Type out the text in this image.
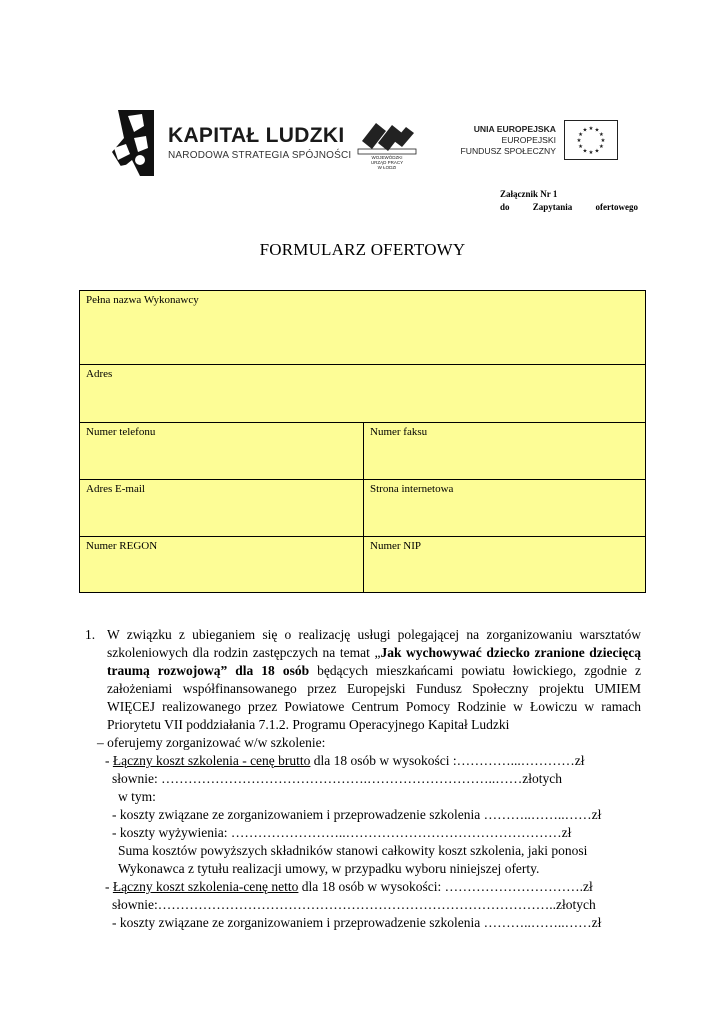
KAPITAŁ LUDZKI
NARODOWA STRATEGIA SPÓJNOŚCI	WOJEWÓDZKI
URZĄD PRACY
W ŁODZI
UNIA EUROPEJSKA
EUROPEJSKI
FUNDUSZ SPOŁECZNY
★
★
★
★
★
★
★
★
★ ★ ★
★
Załącznik Nr 1
do	Zapytania	ofertowego
FORMULARZ OFERTOWY
Pełna nazwa Wykonawcy	
Adres	
Numer telefonu	Numer faksu
Adres E-mail	Strona internetowa
Numer REGON	Numer NIP
1. W związku z ubieganiem się o realizację usługi polegającej na zorganizowaniu warsztatów szkoleniowych dla rodzin zastępczych na temat „Jak wychowywać dziecko zranione dziecięcą traumą rozwojową” dla 18 osób będących mieszkańcami powiatu łowickiego, zgodnie z założeniami współfinansowanego przez Europejski Fundusz Społeczny projektu UMIEM WIĘCEJ realizowanego przez Powiatowe Centrum Pomocy Rodzinie w Łowiczu w ramach Priorytetu VII poddziałania 7.1.2. Programu Operacyjnego Kapitał Ludzki
– oferujemy zorganizować w/w szkolenie:
- Łączny koszt szkolenia - cenę brutto dla 18 osób w wysokości :…………...…………zł
słownie: ……………………………………….………………………..……złotych
w tym:
- koszty związane ze zorganizowaniem i przeprowadzenie szkolenia ………..……..……zł
- koszty wyżywienia: ……………………..…………………………………………zł
Suma kosztów powyższych składników stanowi całkowity koszt szkolenia, jaki ponosi
Wykonawca z tytułu realizacji umowy, w przypadku wyboru niniejszej oferty.
- Łączny koszt szkolenia-cenę netto dla 18 osób w wysokości: ………………………….zł
słownie:……………………………………………………………………………..złotych
- koszty związane ze zorganizowaniem i przeprowadzenie szkolenia ………..……..……zł
